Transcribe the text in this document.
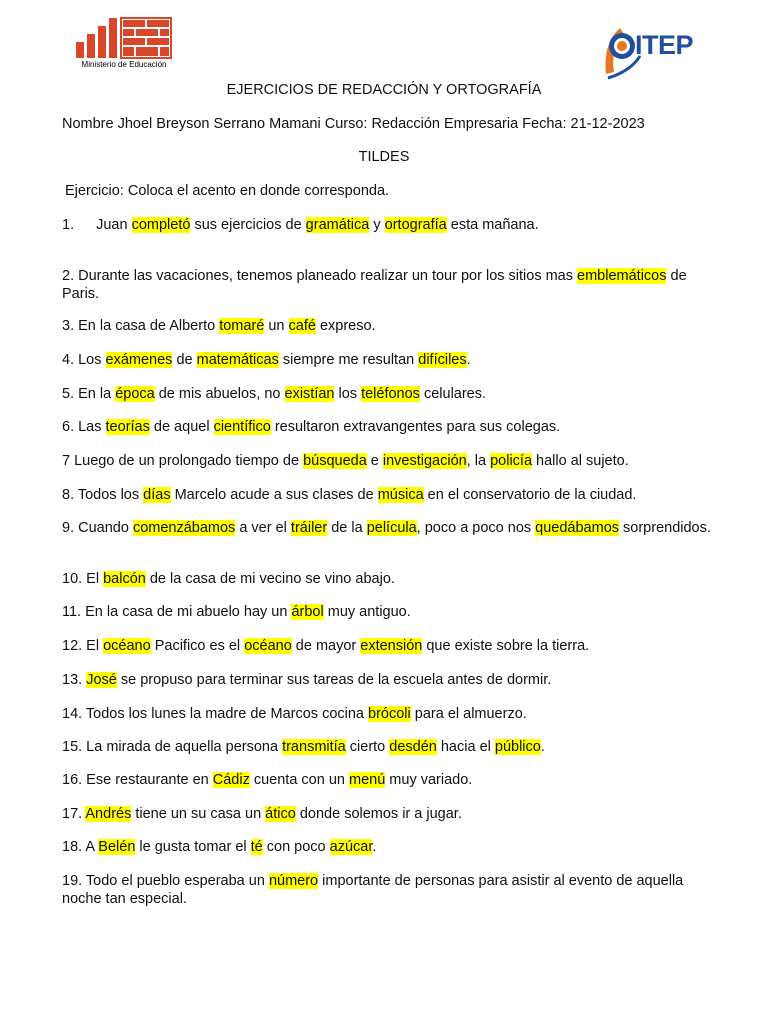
Ministerio de Educación
ITEP
EJERCICIOS DE REDACCIÓN Y ORTOGRAFÍA
Nombre Jhoel Breyson Serrano Mamani Curso: Redacción Empresaria Fecha: 21-12-2023
TILDES
Ejercicio: Coloca el acento en donde corresponda.
1. Juan completó sus ejercicios de gramática y ortografía esta mañana.
2. Durante las vacaciones, tenemos planeado realizar un tour por los sitios mas emblemáticos de Paris.
3. En la casa de Alberto tomaré un café expreso.
4. Los exámenes de matemáticas siempre me resultan difíciles.
5. En la época de mis abuelos, no existían los teléfonos celulares.
6. Las teorías de aquel científico resultaron extravangentes para sus colegas.
7 Luego de un prolongado tiempo de búsqueda e investigación, la policía hallo al sujeto.
8. Todos los días Marcelo acude a sus clases de música en el conservatorio de la ciudad.
9. Cuando comenzábamos a ver el tráiler de la película, poco a poco nos quedábamos sorprendidos.
10. El balcón de la casa de mi vecino se vino abajo.
11. En la casa de mi abuelo hay un árbol muy antiguo.
12. El océano Pacifico es el océano de mayor extensión que existe sobre la tierra.
13. José se propuso para terminar sus tareas de la escuela antes de dormir.
14. Todos los lunes la madre de Marcos cocina brócoli para el almuerzo.
15. La mirada de aquella persona transmitía cierto desdén hacia el público.
16. Ese restaurante en Cádiz cuenta con un menú muy variado.
17. Andrés tiene un su casa un ático donde solemos ir a jugar.
18. A Belén le gusta tomar el té con poco azúcar.
19. Todo el pueblo esperaba un número importante de personas para asistir al evento de aquella noche tan especial.
